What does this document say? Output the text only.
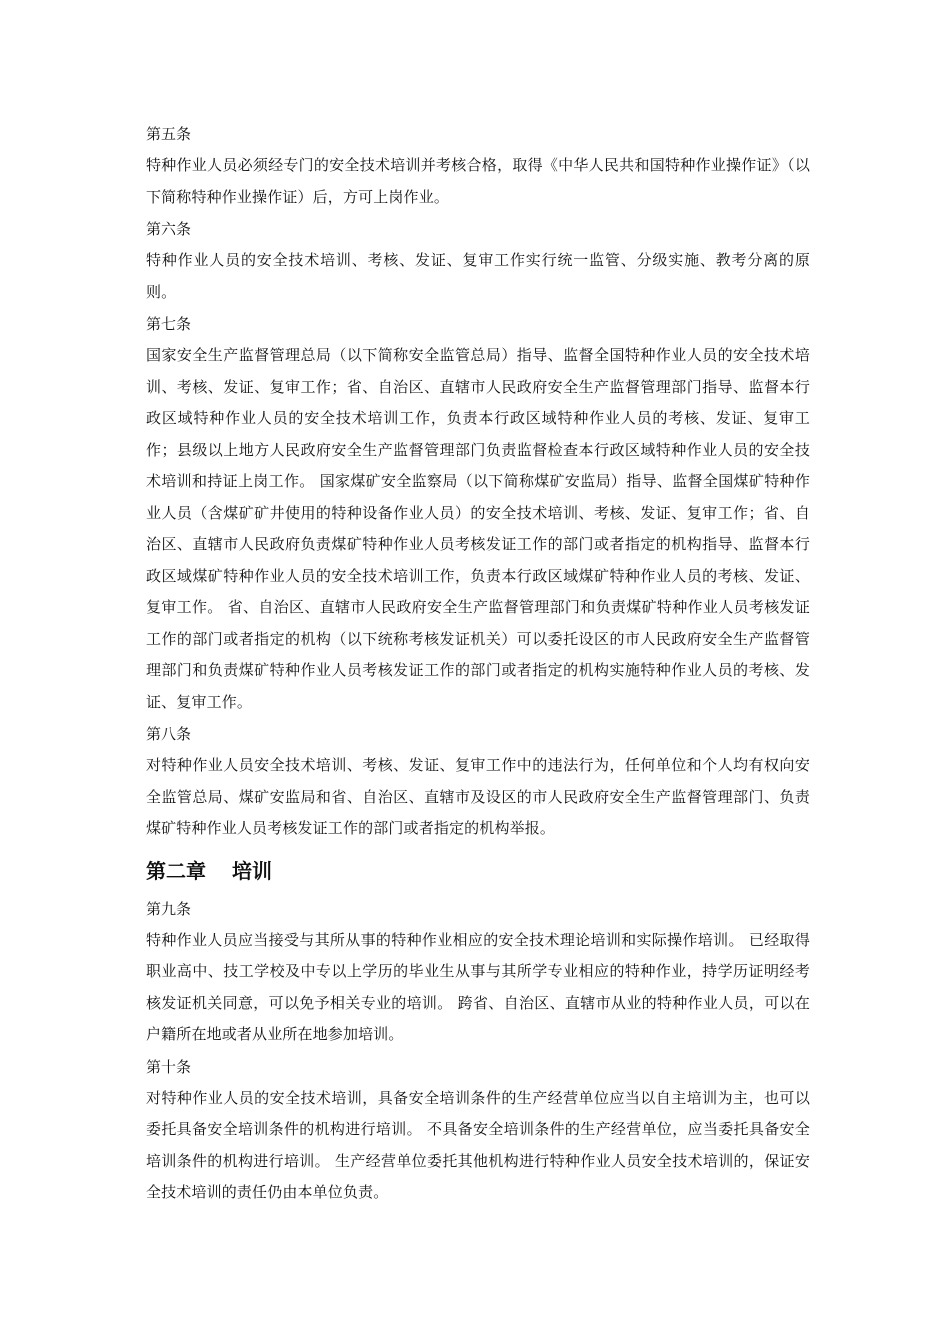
第五条

特种作业人员必须经专门的安全技术培训并考核合格，取得《中华人民共和国特种作业操作证》（以下简称特种作业操作证）后，方可上岗作业。

第六条

特种作业人员的安全技术培训、考核、发证、复审工作实行统一监管、分级实施、教考分离的原则。

第七条

国家安全生产监督管理总局（以下简称安全监管总局）指导、监督全国特种作业人员的安全技术培训、考核、发证、复审工作；省、自治区、直辖市人民政府安全生产监督管理部门指导、监督本行政区域特种作业人员的安全技术培训工作，负责本行政区域特种作业人员的考核、发证、复审工作；县级以上地方人民政府安全生产监督管理部门负责监督检查本行政区域特种作业人员的安全技术培训和持证上岗工作。 国家煤矿安全监察局（以下简称煤矿安监局）指导、监督全国煤矿特种作业人员（含煤矿矿井使用的特种设备作业人员）的安全技术培训、考核、发证、复审工作；省、自治区、直辖市人民政府负责煤矿特种作业人员考核发证工作的部门或者指定的机构指导、监督本行政区域煤矿特种作业人员的安全技术培训工作，负责本行政区域煤矿特种作业人员的考核、发证、复审工作。 省、自治区、直辖市人民政府安全生产监督管理部门和负责煤矿特种作业人员考核发证工作的部门或者指定的机构（以下统称考核发证机关）可以委托设区的市人民政府安全生产监督管理部门和负责煤矿特种作业人员考核发证工作的部门或者指定的机构实施特种作业人员的考核、发证、复审工作。

第八条

对特种作业人员安全技术培训、考核、发证、复审工作中的违法行为，任何单位和个人均有权向安全监管总局、煤矿安监局和省、自治区、直辖市及设区的市人民政府安全生产监督管理部门、负责煤矿特种作业人员考核发证工作的部门或者指定的机构举报。

第二章 培训

第九条

特种作业人员应当接受与其所从事的特种作业相应的安全技术理论培训和实际操作培训。 已经取得职业高中、技工学校及中专以上学历的毕业生从事与其所学专业相应的特种作业，持学历证明经考核发证机关同意，可以免予相关专业的培训。 跨省、自治区、直辖市从业的特种作业人员，可以在户籍所在地或者从业所在地参加培训。

第十条

对特种作业人员的安全技术培训，具备安全培训条件的生产经营单位应当以自主培训为主，也可以委托具备安全培训条件的机构进行培训。 不具备安全培训条件的生产经营单位，应当委托具备安全培训条件的机构进行培训。 生产经营单位委托其他机构进行特种作业人员安全技术培训的，保证安全技术培训的责任仍由本单位负责。
